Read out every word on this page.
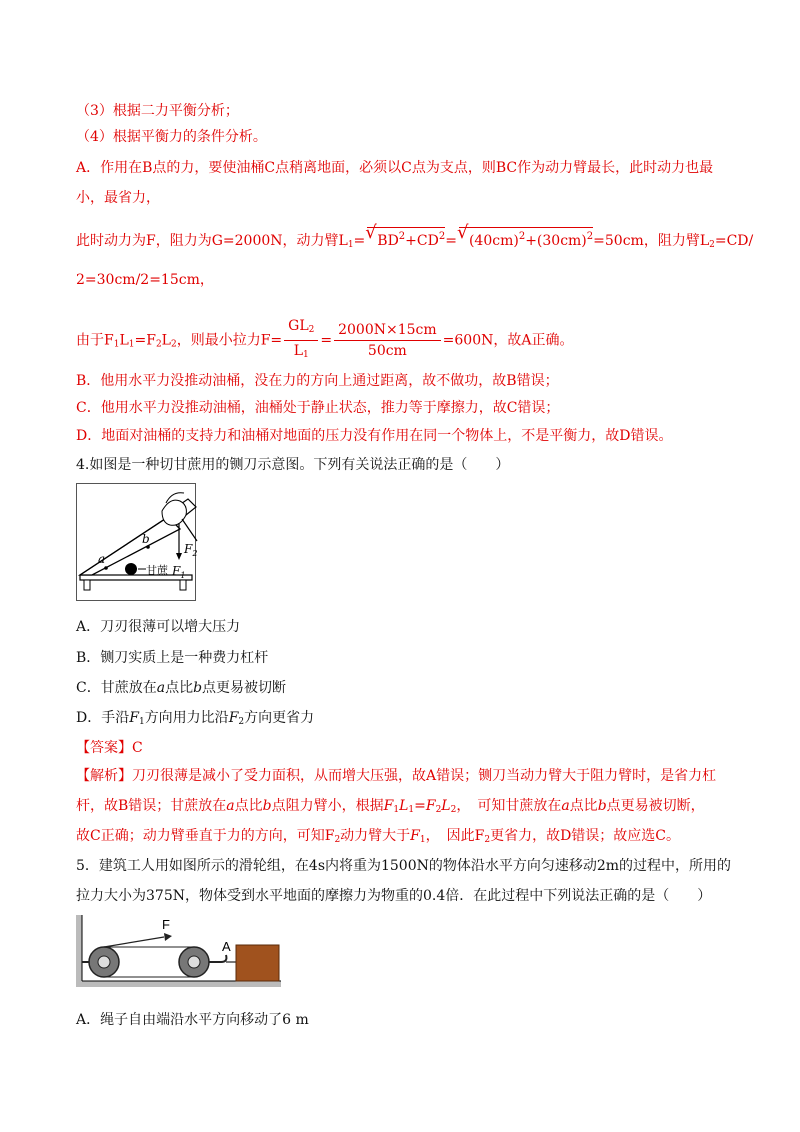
（3）根据二力平衡分析；
（4）根据平衡力的条件分析。
A．作用在B点的力，要使油桶C点稍离地面，必须以C点为支点，则BC作为动力臂最长，此时动力也最
小，最省力，
此时动力为F，阻力为G=2000N，动力臂$L_1=√$ $BD^2+CD^2=√$ $(40cm)^2+(30cm)^2=50cm$，阻力臂$L_2=CD/$
2=30cm/2=15cm，
由于$F_1L_1=F_2L_2$，则最小拉力$F= \frac{GL_2}{L_1} = \frac{2000N\times 15cm}{50cm} =600N$，故A正确。
B．他用水平力没推动油桶，没在力的方向上通过距离，故不做功，故B错误；
C．他用水平力没推动油桶，油桶处于静止状态，推力等于摩擦力，故C错误；
D．地面对油桶的支持力和油桶对地面的压力没有作用在同一个物体上，不是平衡力，故D错误。
4.如图是一种切甘蔗用的铡刀示意图。下列有关说法正确的是（　　）
a
b
$F_1$
$F_2$
甘蔗
A．刀刃很薄可以增大压力
B．铡刀实质上是一种费力杠杆
C．甘蔗放在a点比b点更易被切断
D．手沿$F_1$方向用力比沿$F_2$方向更省力
【答案】C
【解析】刀刃很薄是减小了受力面积，从而增大压强，故A错误；铡刀当动力臂大于阻力臂时，是省力杠
杆，故B错误；甘蔗放在a点比b点阻力臂小，根据$F_1L_1=F_2L_2$，　可知甘蔗放在a点比b点更易被切断，
故C正确；动力臂垂直于力的方向，可知$F_2$动力臂大于$F_1$，　因此$F_2$更省力，故D错误；故应选C。
5．建筑工人用如图所示的滑轮组，在4s内将重为1500N的物体沿水平方向匀速移动2m的过程中，所用的
拉力大小为375N，物体受到水平地面的摩擦力为物重的0.4倍．在此过程中下列说法正确的是（　　）
F
A
A．绳子自由端沿水平方向移动了6 m
